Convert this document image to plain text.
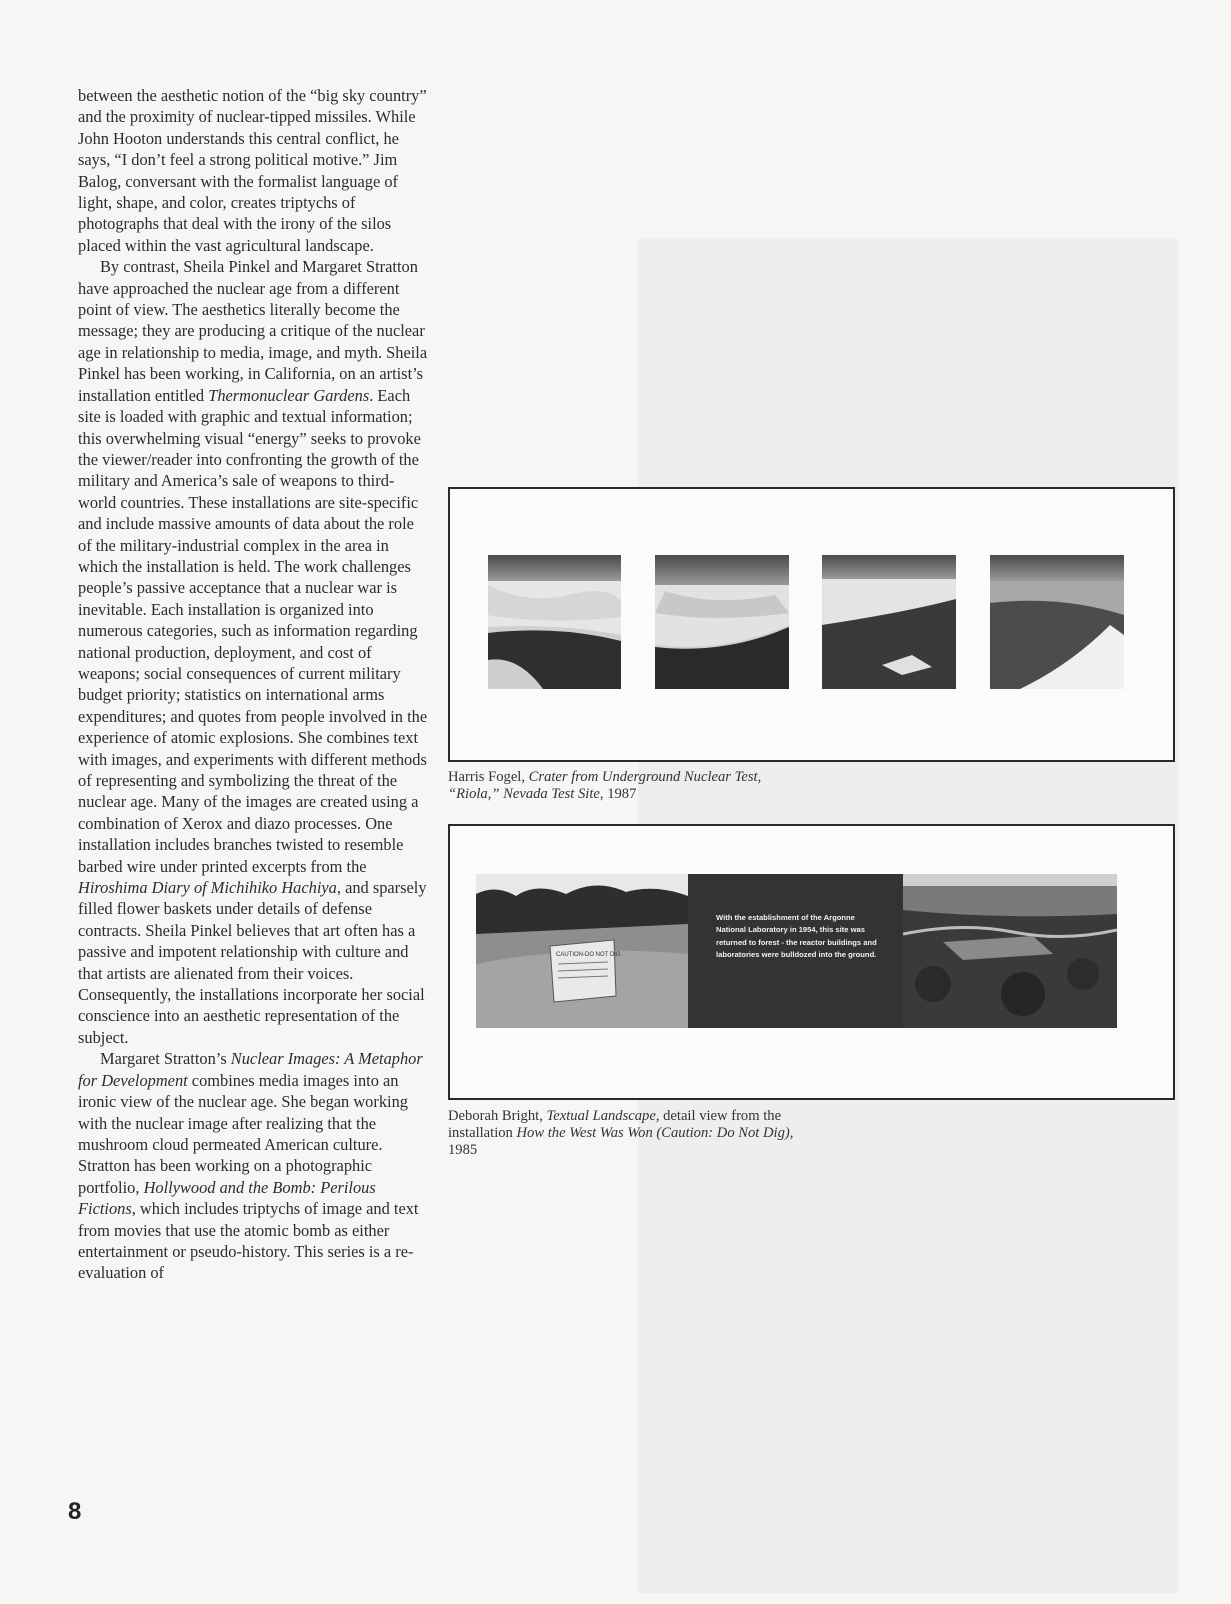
between the aesthetic notion of the “big sky country” and the proximity of nuclear-tipped missiles. While John Hooton understands this central conflict, he says, “I don’t feel a strong political motive.” Jim Balog, conversant with the formalist language of light, shape, and color, creates triptychs of photographs that deal with the irony of the silos placed within the vast agricultural landscape.

By contrast, Sheila Pinkel and Margaret Stratton have approached the nuclear age from a different point of view. The aesthetics literally become the message; they are producing a critique of the nuclear age in relationship to media, image, and myth. Sheila Pinkel has been working, in California, on an artist’s installation entitled Thermonuclear Gardens. Each site is loaded with graphic and textual information; this overwhelming visual “energy” seeks to provoke the viewer/reader into confronting the growth of the military and America’s sale of weapons to third-world countries. These installations are site-specific and include massive amounts of data about the role of the military-industrial complex in the area in which the installation is held. The work challenges people’s passive acceptance that a nuclear war is inevitable. Each installation is organized into numerous categories, such as information regarding national production, deployment, and cost of weapons; social consequences of current military budget priority; statistics on international arms expenditures; and quotes from people involved in the experience of atomic explosions. She combines text with images, and experiments with different methods of representing and symbolizing the threat of the nuclear age. Many of the images are created using a combination of Xerox and diazo processes. One installation includes branches twisted to resemble barbed wire under printed excerpts from the Hiroshima Diary of Michihiko Hachiya, and sparsely filled flower baskets under details of defense contracts. Sheila Pinkel believes that art often has a passive and impotent relationship with culture and that artists are alienated from their voices. Consequently, the installations incorporate her social conscience into an aesthetic representation of the subject.

Margaret Stratton’s Nuclear Images: A Metaphor for Development combines media images into an ironic view of the nuclear age. She began working with the nuclear image after realizing that the mushroom cloud permeated American culture. Stratton has been working on a photographic portfolio, Hollywood and the Bomb: Perilous Fictions, which includes triptychs of image and text from movies that use the atomic bomb as either entertainment or pseudo-history. This series is a re-evaluation of

8
Harris Fogel, Crater from Underground Nuclear Test, “Riola,” Nevada Test Site, 1987
CAUTION-DO NOT DIG
With the establishment of the Argonne National Laboratory in 1954, this site was returned to forest - the reactor buildings and laboratories were bulldozed into the ground.
Deborah Bright, Textual Landscape, detail view from the installation How the West Was Won (Caution: Do Not Dig), 1985
